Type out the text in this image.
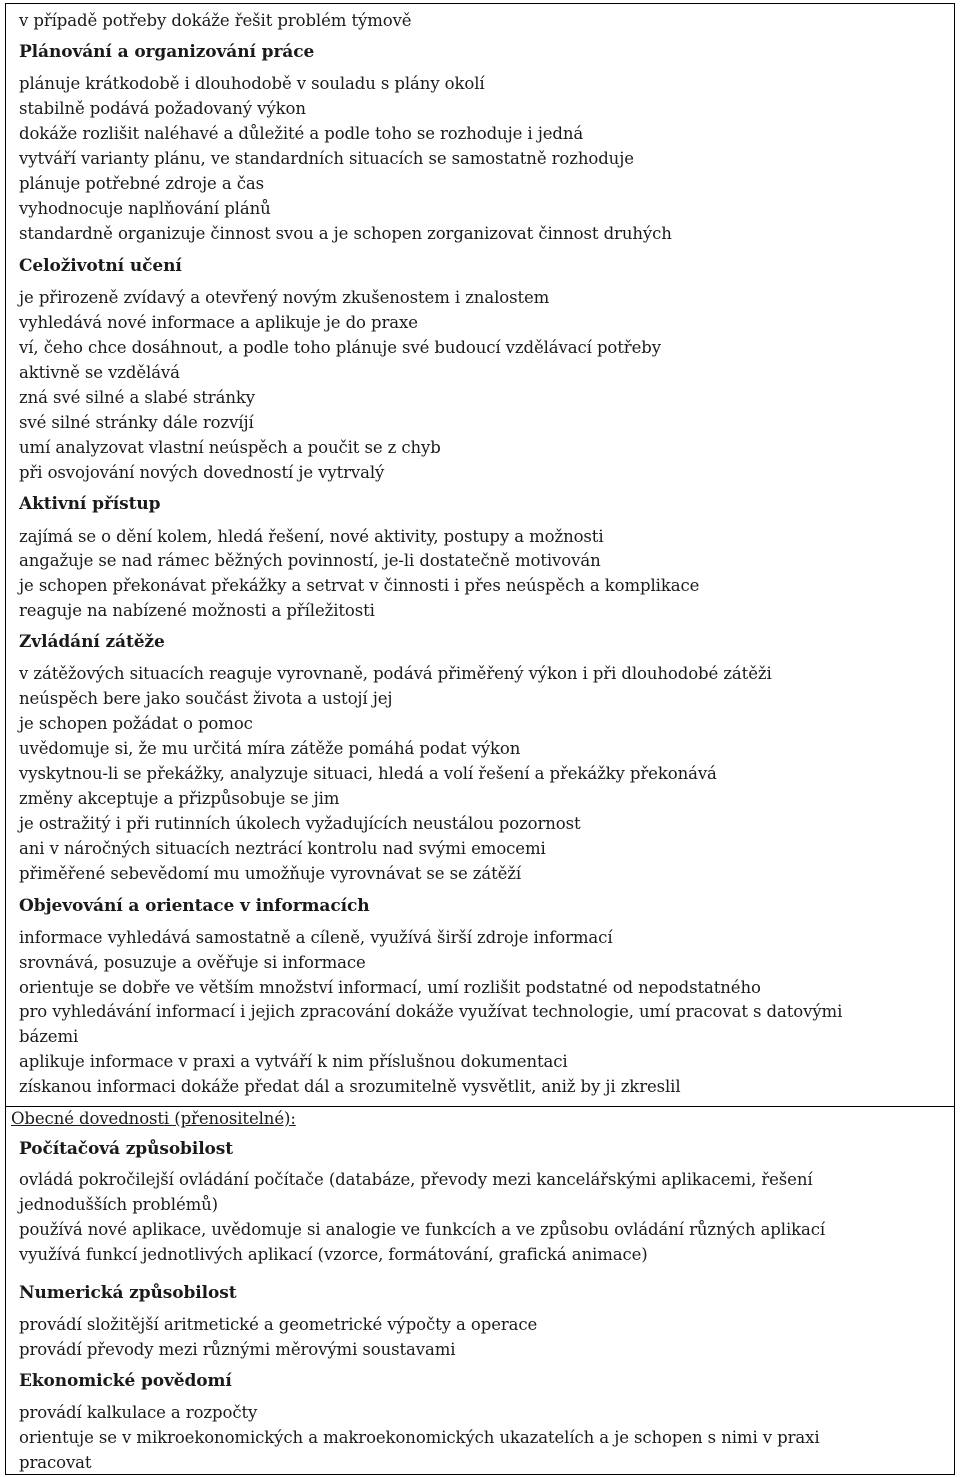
v případě potřeby dokáže řešit problém týmově
Plánování a organizování práce
plánuje krátkodobě i dlouhodobě v souladu s plány okolí
stabilně podává požadovaný výkon
dokáže rozlišit naléhavé a důležité a podle toho se rozhoduje i jedná
vytváří varianty plánu, ve standardních situacích se samostatně rozhoduje
plánuje potřebné zdroje a čas
vyhodnocuje naplňování plánů
standardně organizuje činnost svou a je schopen zorganizovat činnost druhých
Celoživotní učení
je přirozeně zvídavý a otevřený novým zkušenostem i znalostem
vyhledává nové informace a aplikuje je do praxe
ví, čeho chce dosáhnout, a podle toho plánuje své budoucí vzdělávací potřeby
aktivně se vzdělává
zná své silné a slabé stránky
své silné stránky dále rozvíjí
umí analyzovat vlastní neúspěch a poučit se z chyb
při osvojování nových dovedností je vytrvalý
Aktivní přístup
zajímá se o dění kolem, hledá řešení, nové aktivity, postupy a možnosti
angažuje se nad rámec běžných povinností, je-li dostatečně motivován
je schopen překonávat překážky a setrvat v činnosti i přes neúspěch a komplikace
reaguje na nabízené možnosti a příležitosti
Zvládání zátěže
v zátěžových situacích reaguje vyrovnaně, podává přiměřený výkon i při dlouhodobé zátěži
neúspěch bere jako součást života a ustojí jej
je schopen požádat o pomoc
uvědomuje si, že mu určitá míra zátěže pomáhá podat výkon
vyskytnou-li se překážky, analyzuje situaci, hledá a volí řešení a překážky překonává
změny akceptuje a přizpůsobuje se jim
je ostražitý i při rutinních úkolech vyžadujících neustálou pozornost
ani v náročných situacích neztrácí kontrolu nad svými emocemi
přiměřené sebevědomí mu umožňuje vyrovnávat se se zátěží
Objevování a orientace v informacích
informace vyhledává samostatně a cíleně, využívá širší zdroje informací
srovnává, posuzuje a ověřuje si informace
orientuje se dobře ve větším množství informací, umí rozlišit podstatné od nepodstatného
pro vyhledávání informací i jejich zpracování dokáže využívat technologie, umí pracovat s datovými
bázemi
aplikuje informace v praxi a vytváří k nim příslušnou dokumentaci
získanou informaci dokáže předat dál a srozumitelně vysvětlit, aniž by ji zkreslil
Obecné dovednosti (přenositelné):
Počítačová způsobilost
ovládá pokročilejší ovládání počítače (databáze, převody mezi kancelářskými aplikacemi, řešení
jednodušších problémů)
používá nové aplikace, uvědomuje si analogie ve funkcích a ve způsobu ovládání různých aplikací
využívá funkcí jednotlivých aplikací (vzorce, formátování, grafická animace)
Numerická způsobilost
provádí složitější aritmetické a geometrické výpočty a operace
provádí převody mezi různými měrovými soustavami
Ekonomické povědomí
provádí kalkulace a rozpočty
orientuje se v mikroekonomických a makroekonomických ukazatelích a je schopen s nimi v praxi
pracovat
